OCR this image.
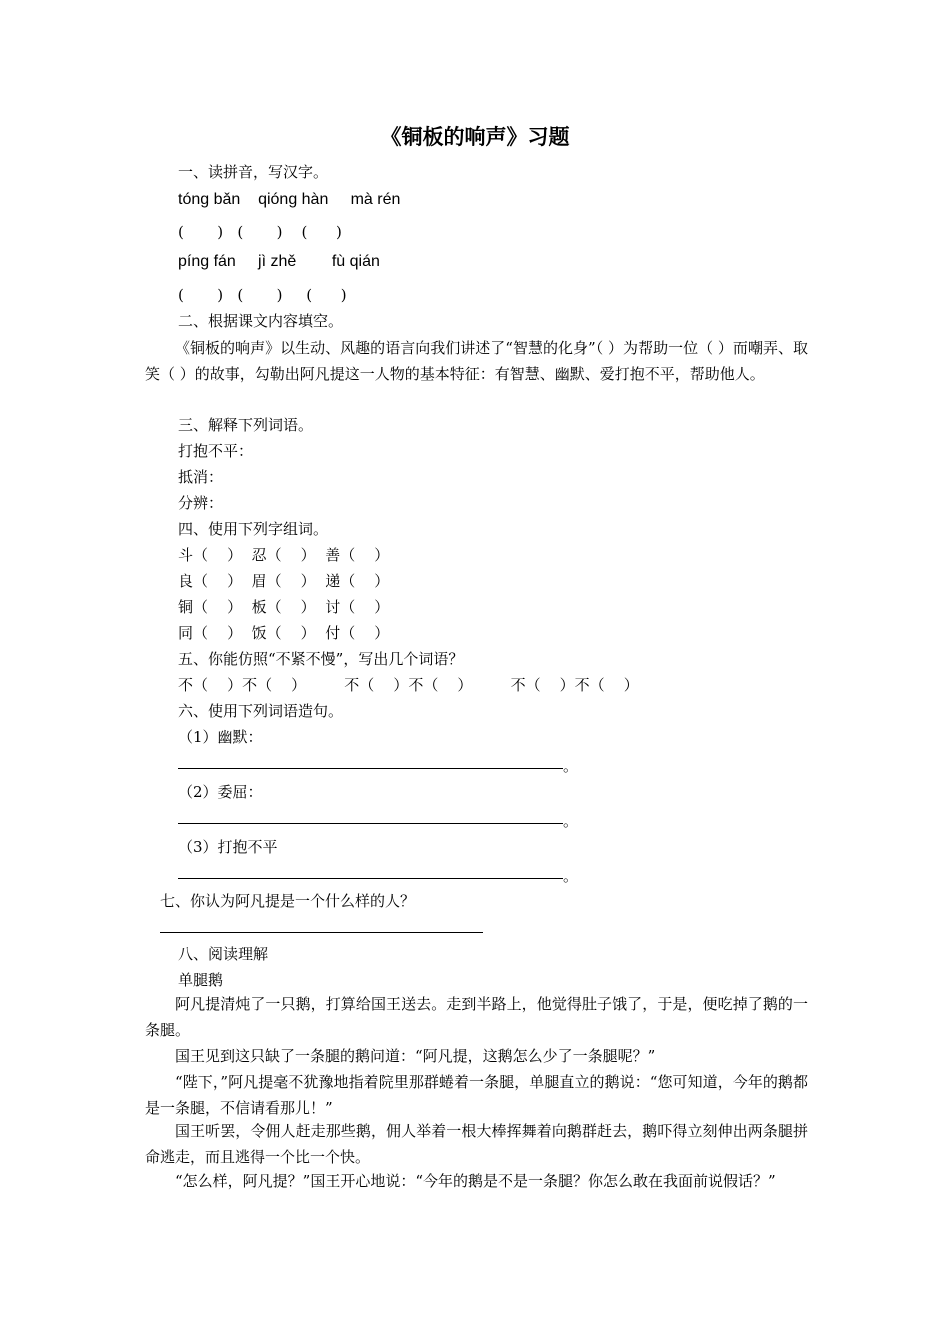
《铜板的响声》习题
一、读拼音，写汉字。
tóng bǎn    qióng hàn     mà rén
(       )   (       )    (      )
píng fán     jì zhě        fù qián
(       )   (       )     (      )
二、根据课文内容填空。
《铜板的响声》以生动、风趣的语言向我们讲述了“智慧的化身”（ ）为帮助一位（ ）而嘲弄、取笑（ ）的故事，勾勒出阿凡提这一人物的基本特征：有智慧、幽默、爱打抱不平，帮助他人。
三、解释下列词语。
打抱不平：
抵消：
分辨：
四、使用下列字组词。
斗（    ）  忍（    ）  善（    ）
良（    ）  眉（    ）  递（    ）
铜（    ）  板（    ）  讨（    ）
同（    ）  饭（    ）  付（    ）
五、你能仿照“不紧不慢”，写出几个词语？
不（    ）不（    ）        不（    ）不（    ）        不（    ）不（    ）
六、使用下列词语造句。
（1）幽默：
。
（2）委屈：
。
（3）打抱不平
。
七、你认为阿凡提是一个什么样的人？
八、阅读理解
单腿鹅
阿凡提清炖了一只鹅，打算给国王送去。走到半路上，他觉得肚子饿了，于是，便吃掉了鹅的一条腿。
国王见到这只缺了一条腿的鹅问道：“阿凡提，这鹅怎么少了一条腿呢？”
“陛下，”阿凡提毫不犹豫地指着院里那群蜷着一条腿，单腿直立的鹅说：“您可知道，今年的鹅都是一条腿，不信请看那儿！”
国王听罢，令佣人赶走那些鹅，佣人举着一根大棒挥舞着向鹅群赶去，鹅吓得立刻伸出两条腿拼命逃走，而且逃得一个比一个快。
“怎么样，阿凡提？”国王开心地说：“今年的鹅是不是一条腿？你怎么敢在我面前说假话？”
